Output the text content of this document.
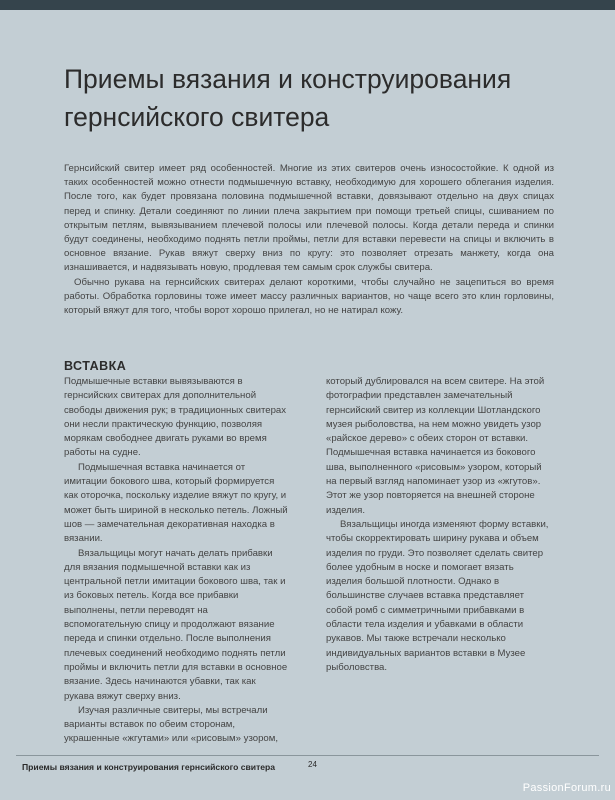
Приемы вязания и конструирования
гернсийского свитера

Гернсийский свитер имеет ряд особенностей. Многие из этих свитеров очень износостойкие. К одной из таких особенностей можно отнести подмышечную вставку, необходимую для хорошего облегания изделия. После того, как будет провязана половина подмышечной вставки, довязывают отдельно на двух спицах перед и спинку. Детали соединяют по линии плеча закрытием при помощи третьей спицы, сшиванием по открытым петлям, вывязыванием плечевой полосы или плечевой полосы. Когда детали переда и спинки будут соединены, необходимо поднять петли проймы, петли для вставки перевести на спицы и включить в основное вязание. Рукав вяжут сверху вниз по кругу: это позволяет отрезать манжету, когда она изнашивается, и надвязывать новую, продлевая тем самым срок службы свитера.

Обычно рукава на гернсийских свитерах делают короткими, чтобы случайно не зацепиться во время работы. Обработка горловины тоже имеет массу различных вариантов, но чаще всего это клин горловины, который вяжут для того, чтобы ворот хорошо прилегал, но не натирал кожу.

ВСТАВКА

Подмышечные вставки вывязываются в гернсийских свитерах для дополнительной свободы движения рук; в традиционных свитерах они несли практическую функцию, позволяя морякам свободнее двигать руками во время работы на судне.

Подмышечная вставка начинается от имитации бокового шва, который формируется как оторочка, поскольку изделие вяжут по кругу, и может быть шириной в несколько петель. Ложный шов — замечательная декоративная находка в вязании.

Вязальщицы могут начать делать прибавки для вязания подмышечной вставки как из центральной петли имитации бокового шва, так и из боковых петель. Когда все прибавки выполнены, петли переводят на вспомогательную спицу и продолжают вязание переда и спинки отдельно. После выполнения плечевых соединений необходимо поднять петли проймы и включить петли для вставки в основное вязание. Здесь начинаются убавки, так как рукава вяжут сверху вниз.

Изучая различные свитеры, мы встречали варианты вставок по обеим сторонам, украшенные «жгутами» или «рисовым» узором,

который дублировался на всем свитере. На этой фотографии представлен замечательный гернсийский свитер из коллекции Шотландского музея рыболовства, на нем можно увидеть узор «райское дерево» с обеих сторон от вставки. Подмышечная вставка начинается из бокового шва, выполненного «рисовым» узором, который на первый взгляд напоминает узор из «жгутов». Этот же узор повторяется на внешней стороне изделия.

Вязальщицы иногда изменяют форму вставки, чтобы скорректировать ширину рукава и объем изделия по груди. Это позволяет сделать свитер более удобным в носке и помогает вязать изделия большой плотности. Однако в большинстве случаев вставка представляет собой ромб с симметричными прибавками в области тела изделия и убавками в области рукавов. Мы также встречали несколько индивидуальных вариантов вставки в Музее рыболовства.

Приемы вязания и конструирования гернсийского свитера	24
PassionForum.ru
